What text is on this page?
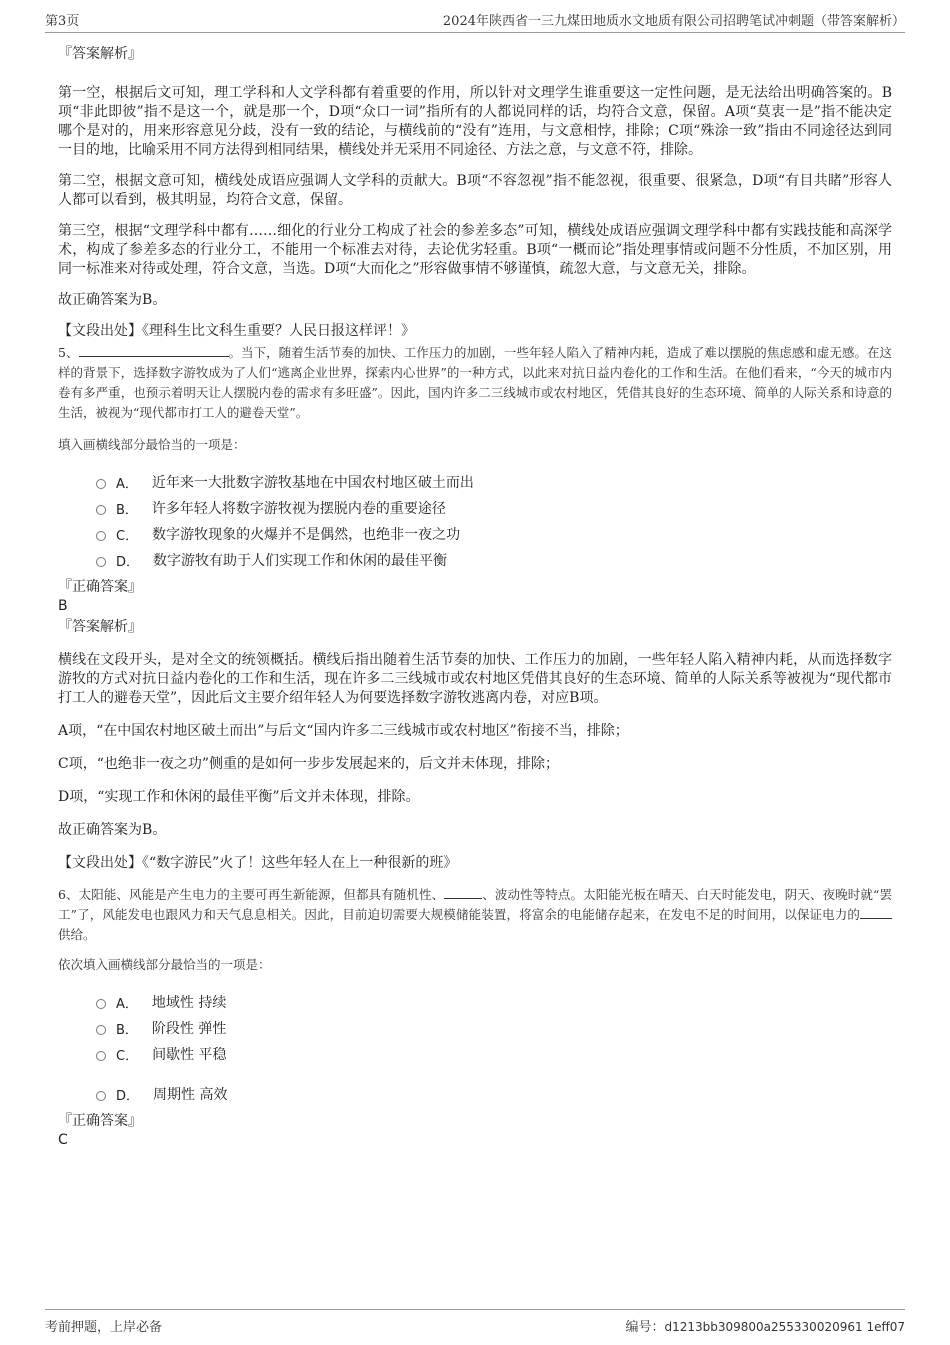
第3页	2024年陕西省一三九煤田地质水文地质有限公司招聘笔试冲刺题（带答案解析）

『答案解析』

第一空，根据后文可知，理工学科和人文学科都有着重要的作用，所以针对文理学生谁重要这一定性问题，是无法给出明确答案的。B项“非此即彼”指不是这一个，就是那一个，D项“众口一词”指所有的人都说同样的话，均符合文意，保留。A项“莫衷一是”指不能决定哪个是对的，用来形容意见分歧，没有一致的结论，与横线前的“没有”连用，与文意相悖，排除；C项“殊涂一致”指由不同途径达到同一目的地，比喻采用不同方法得到相同结果，横线处并无采用不同途径、方法之意，与文意不符，排除。

第二空，根据文意可知，横线处成语应强调人文学科的贡献大。B项“不容忽视”指不能忽视，很重要、很紧急，D项“有目共睹”形容人人都可以看到，极其明显，均符合文意，保留。

第三空，根据“文理学科中都有……细化的行业分工构成了社会的参差多态”可知，横线处成语应强调文理学科中都有实践技能和高深学术，构成了参差多态的行业分工，不能用一个标准去对待，去论优劣轻重。B项“一概而论”指处理事情或问题不分性质，不加区别，用同一标准来对待或处理，符合文意，当选。D项“大而化之”形容做事情不够谨慎，疏忽大意，与文意无关，排除。

故正确答案为B。

【文段出处】《理科生比文科生重要？人民日报这样评！》

5、	。当下，随着生活节奏的加快、工作压力的加剧，一些年轻人陷入了精神内耗，造成了难以摆脱的焦虑感和虚无感。在这样的背景下，选择数字游牧成为了人们“逃离企业世界，探索内心世界”的一种方式，以此来对抗日益内卷化的工作和生活。在他们看来，“今天的城市内卷有多严重，也预示着明天让人摆脱内卷的需求有多旺盛”。因此，国内许多二三线城市或农村地区，凭借其良好的生态环境、简单的人际关系和诗意的生活，被视为“现代都市打工人的避卷天堂”。

填入画横线部分最恰当的一项是：

A． 近年来一大批数字游牧基地在中国农村地区破土而出
B． 许多年轻人将数字游牧视为摆脱内卷的重要途径
C． 数字游牧现象的火爆并不是偶然，也绝非一夜之功
D． 数字游牧有助于人们实现工作和休闲的最佳平衡

『正确答案』

B

『答案解析』

横线在文段开头，是对全文的统领概括。横线后指出随着生活节奏的加快、工作压力的加剧，一些年轻人陷入精神内耗，从而选择数字游牧的方式对抗日益内卷化的工作和生活，现在许多二三线城市或农村地区凭借其良好的生态环境、简单的人际关系等被视为“现代都市打工人的避卷天堂”，因此后文主要介绍年轻人为何要选择数字游牧逃离内卷，对应B项。

A项，“在中国农村地区破土而出”与后文“国内许多二三线城市或农村地区”衔接不当，排除；

C项，“也绝非一夜之功”侧重的是如何一步步发展起来的，后文并未体现，排除；

D项，“实现工作和休闲的最佳平衡”后文并未体现，排除。

故正确答案为B。

【文段出处】《“数字游民”火了！这些年轻人在上一种很新的班》

6、太阳能、风能是产生电力的主要可再生新能源，但都具有随机性、	、波动性等特点。太阳能光板在晴天、白天时能发电，阴天、夜晚时就“罢工”了，风能发电也跟风力和天气息息相关。因此，目前迫切需要大规模储能装置，将富余的电能储存起来，在发电不足的时间用，以保证电力的供给。

依次填入画横线部分最恰当的一项是：

A． 地域性 持续
B． 阶段性 弹性
C． 间歇性 平稳
D． 周期性 高效

『正确答案』

C

考前押题，上岸必备	编号：d1213bb309800a255330020961 1eff07
